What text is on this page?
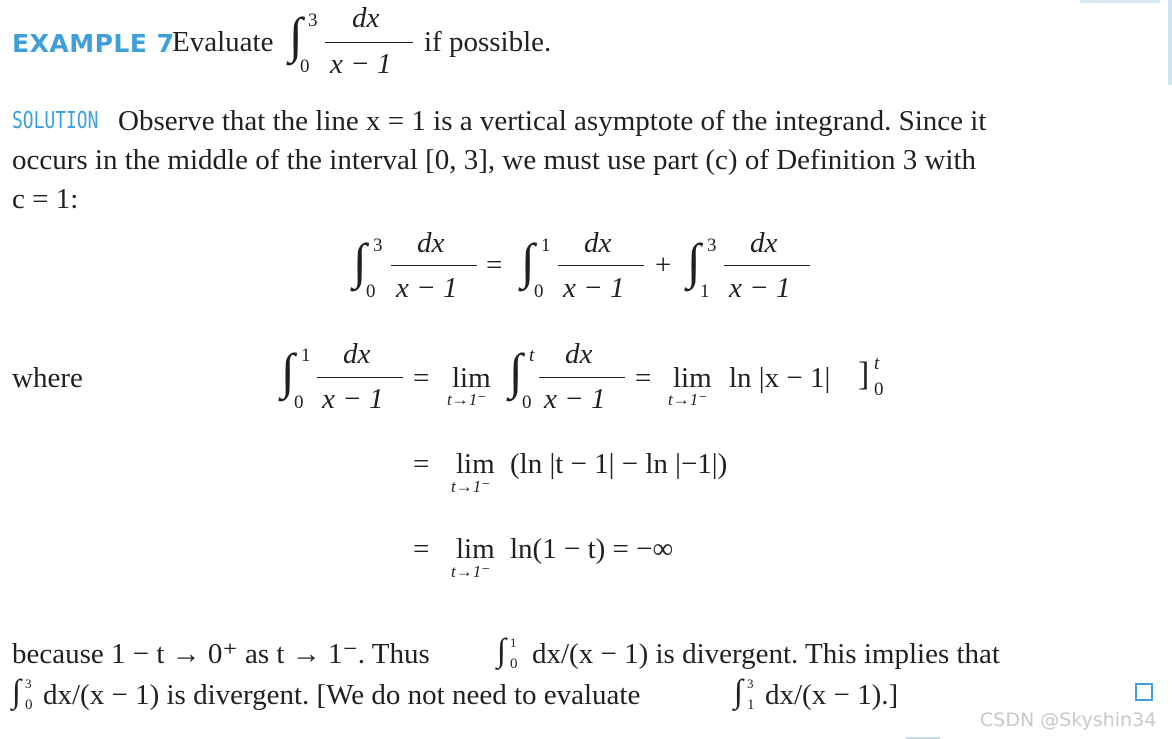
EXAMPLE 7
Evaluate ∫ 3
0
dx
x − 1
if possible.
SOLUTION Observe that the line x = 1 is a vertical asymptote of the integrand. Since it
occurs in the middle of the interval [0, 3], we must use part (c) of Definition 3 with
c = 1:
∫ 3
0
dx
x − 1
= ∫ 1
0
dx
x − 1
+ ∫ 3
1
dx
x − 1
where	∫ 1
0
dx
x − 1
= lim
t→1⁻
∫ t
0
dx
x − 1
= lim
t→1⁻
ln |x − 1| ] t
0
= lim
t→1⁻
(ln |t − 1| − ln |−1|)
= lim
t→1⁻
ln(1 − t) = −∞
because 1 − t → 0⁺ as t → 1⁻. Thus ∫ 1
0 dx/(x − 1) is divergent. This implies that
∫ 3
0 dx/(x − 1) is divergent. [We do not need to evaluate	∫ 3
1 dx/(x − 1).]
CSDN @Skyshin34
